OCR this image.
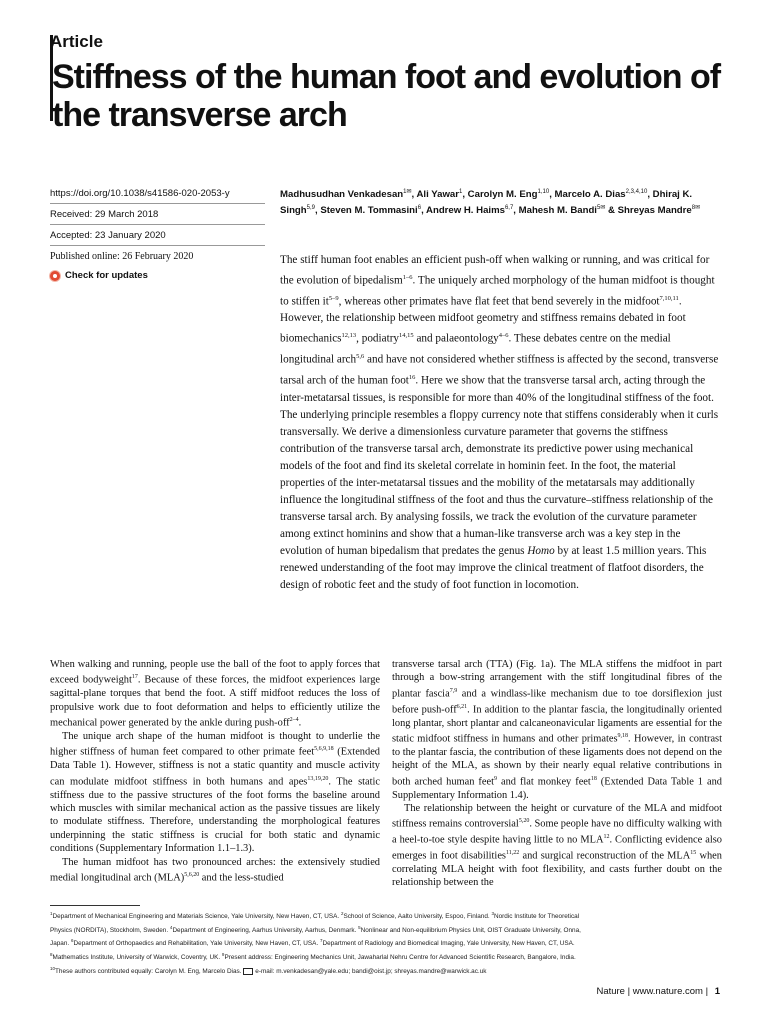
Article
Stiffness of the human foot and evolution of the transverse arch
https://doi.org/10.1038/s41586-020-2053-y
Received: 29 March 2018
Accepted: 23 January 2020
Published online: 26 February 2020
Check for updates
Madhusudhan Venkadesan$^{1✉}$, Ali Yawar$^1$, Carolyn M. Eng$^{1,10}$, Marcelo A. Dias$^{2,3,4,10}$, Dhiraj K. Singh$^{5,9}$, Steven M. Tommasini$^6$, Andrew H. Haims$^{6,7}$, Mahesh M. Bandi$^{5✉}$ & Shreyas Mandre$^{8✉}$
The stiff human foot enables an efficient push-off when walking or running, and was critical for the evolution of bipedalism$^{1-6}$. The uniquely arched morphology of the human midfoot is thought to stiffen $it^{5-9}$, whereas other primates have flat feet that bend severely in the midfoot$^{7,10,11}$. However, the relationship between midfoot geometry and stiffness remains debated in foot biomechanics$^{12,13}$, podiatry$^{14,15}$ and palaeontology$^{4-6}$. These debates centre on the medial longitudinal arch$^{5,6}$ and have not considered whether stiffness is affected by the second, transverse tarsal arch of the human foot$^{16}$. Here we show that the transverse tarsal arch, acting through the inter-metatarsal tissues, is responsible for more than 40% of the longitudinal stiffness of the foot. The underlying principle resembles a floppy currency note that stiffens considerably when it curls transversally. We derive a dimensionless curvature parameter that governs the stiffness contribution of the transverse tarsal arch, demonstrate its predictive power using mechanical models of the foot and find its skeletal correlate in hominin feet. In the foot, the material properties of the inter-metatarsal tissues and the mobility of the metatarsals may additionally influence the longitudinal stiffness of the foot and thus the curvature–stiffness relationship of the transverse tarsal arch. By analysing fossils, we track the evolution of the curvature parameter among extinct hominins and show that a human-like transverse arch was a key step in the evolution of human bipedalism that predates the genus Homo by at least 1.5 million years. This renewed understanding of the foot may improve the clinical treatment of flatfoot disorders, the design of robotic feet and the study of foot function in locomotion.

When walking and running, people use the ball of the foot to apply forces that exceed bodyweight$^{17}$. Because of these forces, the midfoot experiences large sagittal-plane torques that bend the foot. A stiff midfoot reduces the loss of propulsive work due to foot deformation and helps to efficiently utilize the mechanical power generated by the ankle during push-off$^{2-4}$.

The unique arch shape of the human midfoot is thought to underlie the higher stiffness of human feet compared to other primate feet$^{5,6,9,18}$ (Extended Data Table 1). However, stiffness is not a static quantity and muscle activity can modulate midfoot stiffness in both humans and apes$^{13,19,20}$. The static stiffness due to the passive structures of the foot forms the baseline around which muscles with similar mechanical action as the passive tissues are likely to modulate stiffness. Therefore, understanding the morphological features underpinning the static stiffness is crucial for both static and dynamic conditions (Supplementary Information 1.1–1.3).

The human midfoot has two pronounced arches: the extensively studied medial longitudinal arch (MLA)$^{5,6,20}$ and the less-studied

transverse tarsal arch (TTA) (Fig. 1a). The MLA stiffens the midfoot in part through a bow-string arrangement with the stiff longitudinal fibres of the plantar fascia$^{7,9}$ and a windlass-like mechanism due to toe dorsiflexion just before push-off$^{6,21}$. In addition to the plantar fascia, the longitudinally oriented long plantar, short plantar and calcaneonavicular ligaments are essential for the static midfoot stiffness in humans and other primates$^{9,18}$. However, in contrast to the plantar fascia, the contribution of these ligaments does not depend on the height of the MLA, as shown by their nearly equal relative contributions in both arched human feet$^9$ and flat monkey feet$^{18}$ (Extended Data Table 1 and Supplementary Information 1.4).

The relationship between the height or curvature of the MLA and midfoot stiffness remains controversial$^{5,20}$. Some people have no difficulty walking with a heel-to-toe style despite having little to no MLA$^{12}$. Conflicting evidence also emerges in foot disabilities$^{11,22}$ and surgical reconstruction of the MLA$^{15}$ when correlating MLA height with foot flexibility, and casts further doubt on the relationship between the

$^1$Department of Mechanical Engineering and Materials Science, Yale University, New Haven, CT, USA. $^2$School of Science, Aalto University, Espoo, Finland. $^3$Nordic Institute for Theoretical
Physics (NORDITA), Stockholm, Sweden. $^4$Department of Engineering, Aarhus University, Aarhus, Denmark. $^5$Nonlinear and Non-equilibrium Physics Unit, OIST Graduate University, Onna,
Japan. $^6$Department of Orthopaedics and Rehabilitation, Yale University, New Haven, CT, USA. $^7$Department of Radiology and Biomedical Imaging, Yale University, New Haven, CT, USA.
$^8$Mathematics Institute, University of Warwick, Coventry, UK. $^9$Present address: Engineering Mechanics Unit, Jawaharlal Nehru Centre for Advanced Scientific Research, Bangalore, India.
$^{10}$These authors contributed equally: Carolyn M. Eng, Marcelo Dias. e-mail: m.venkadesan@yale.edu; bandi@oist.jp; shreyas.mandre@warwick.ac.uk
Nature | www.nature.com | 1
